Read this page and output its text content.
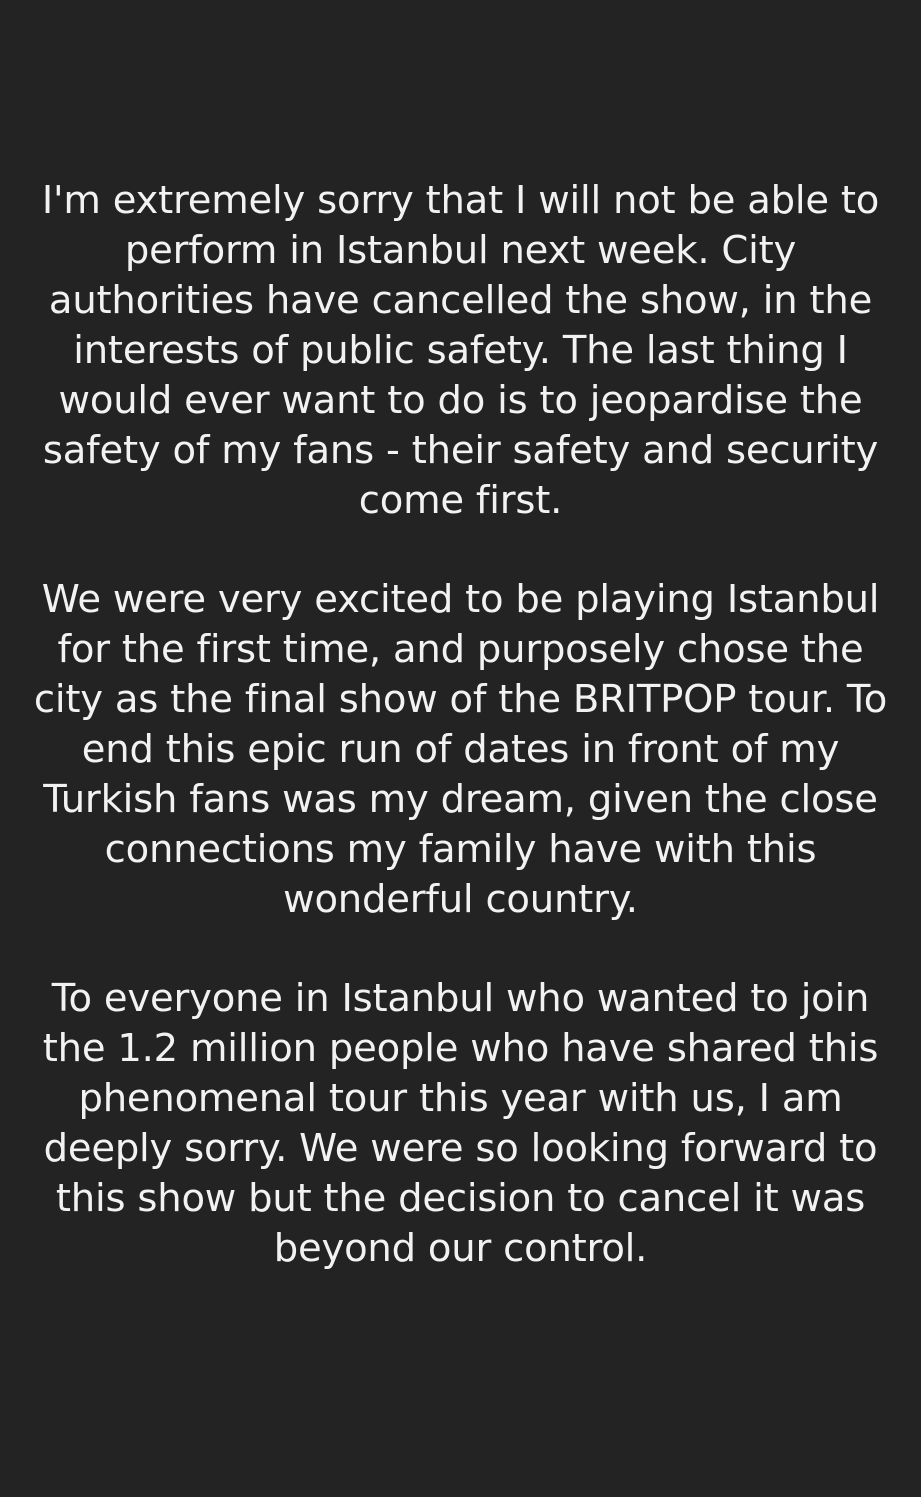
I'm extremely sorry that I will not be able to perform in Istanbul next week. City authorities have cancelled the show, in the interests of public safety. The last thing I would ever want to do is to jeopardise the safety of my fans - their safety and security come first.

We were very excited to be playing Istanbul for the first time, and purposely chose the city as the final show of the BRITPOP tour. To end this epic run of dates in front of my Turkish fans was my dream, given the close connections my family have with this wonderful country.

To everyone in Istanbul who wanted to join the 1.2 million people who have shared this phenomenal tour this year with us, I am deeply sorry. We were so looking forward to this show but the decision to cancel it was beyond our control.
